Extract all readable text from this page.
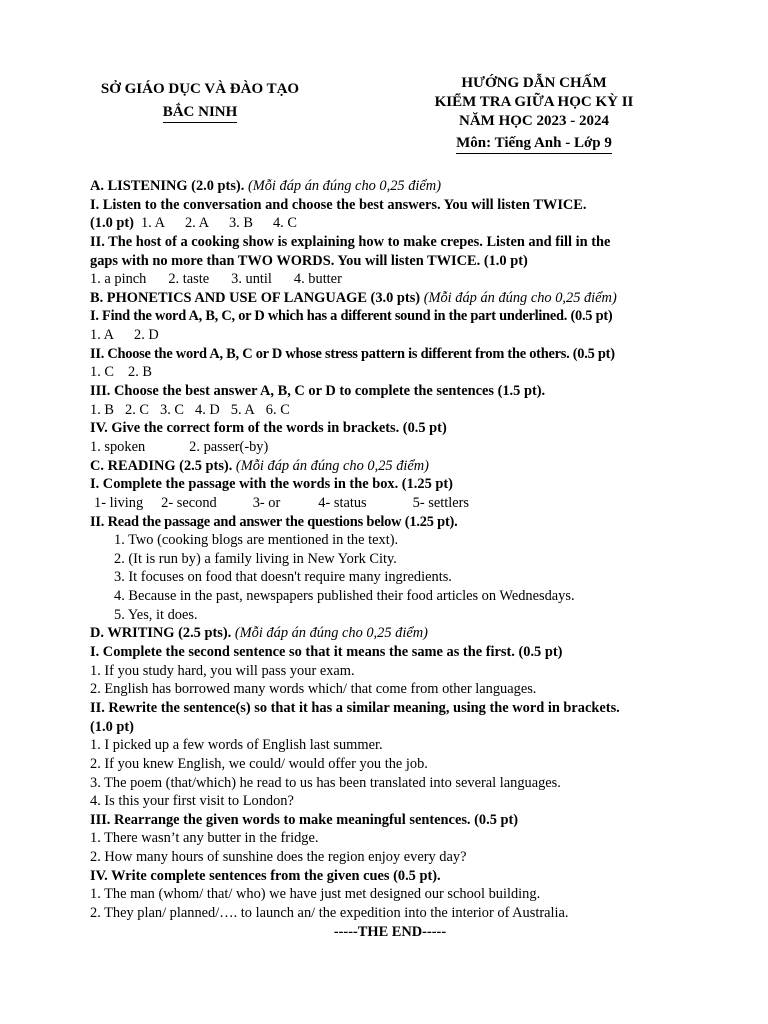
SỞ GIÁO DỤC VÀ ĐÀO TẠO
BẮC NINH
HƯỚNG DẪN CHẤM
KIỂM TRA GIỮA HỌC KỲ II
NĂM HỌC 2023 - 2024
Môn: Tiếng Anh - Lớp 9
A. LISTENING (2.0 pts). (Mỗi đáp án đúng cho 0,25 điểm)
I. Listen to the conversation and choose the best answers. You will listen TWICE.
(1.0 pt) 1. A 2. A 3. B 4. C
II. The host of a cooking show is explaining how to make crepes. Listen and fill in the
gaps with no more than TWO WORDS. You will listen TWICE. (1.0 pt)
1. a pinch 2. taste 3. until 4. butter
B. PHONETICS AND USE OF LANGUAGE (3.0 pts) (Mỗi đáp án đúng cho 0,25 điểm)
I. Find the word A, B, C, or D which has a different sound in the part underlined. (0.5 pt)
1. A 2. D
II. Choose the word A, B, C or D whose stress pattern is different from the others. (0.5 pt)
1. C 2. B
III. Choose the best answer A, B, C or D to complete the sentences (1.5 pt).
1. B 2. C 3. C 4. D 5. A 6. C
IV. Give the correct form of the words in brackets. (0.5 pt)
1. spoken	2. passer(-by)
C. READING (2.5 pts). (Mỗi đáp án đúng cho 0,25 điểm)
I. Complete the passage with the words in the box. (1.25 pt)
1- living 2- second	3- or	4- status	5- settlers
II. Read the passage and answer the questions below (1.25 pt).
1. Two (cooking blogs are mentioned in the text).
2. (It is run by) a family living in New York City.
3. It focuses on food that doesn't require many ingredients.
4. Because in the past, newspapers published their food articles on Wednesdays.
5. Yes, it does.
D. WRITING (2.5 pts). (Mỗi đáp án đúng cho 0,25 điểm)
I. Complete the second sentence so that it means the same as the first. (0.5 pt)
1. If you study hard, you will pass your exam.
2. English has borrowed many words which/ that come from other languages.
II. Rewrite the sentence(s) so that it has a similar meaning, using the word in brackets.
(1.0 pt)
1. I picked up a few words of English last summer.
2. If you knew English, we could/ would offer you the job.
3. The poem (that/which) he read to us has been translated into several languages.
4. Is this your first visit to London?
III. Rearrange the given words to make meaningful sentences. (0.5 pt)
1. There wasn’t any butter in the fridge.
2. How many hours of sunshine does the region enjoy every day?
IV. Write complete sentences from the given cues (0.5 pt).
1. The man (whom/ that/ who) we have just met designed our school building.
2. They plan/ planned/…. to launch an/ the expedition into the interior of Australia.
-----THE END-----
